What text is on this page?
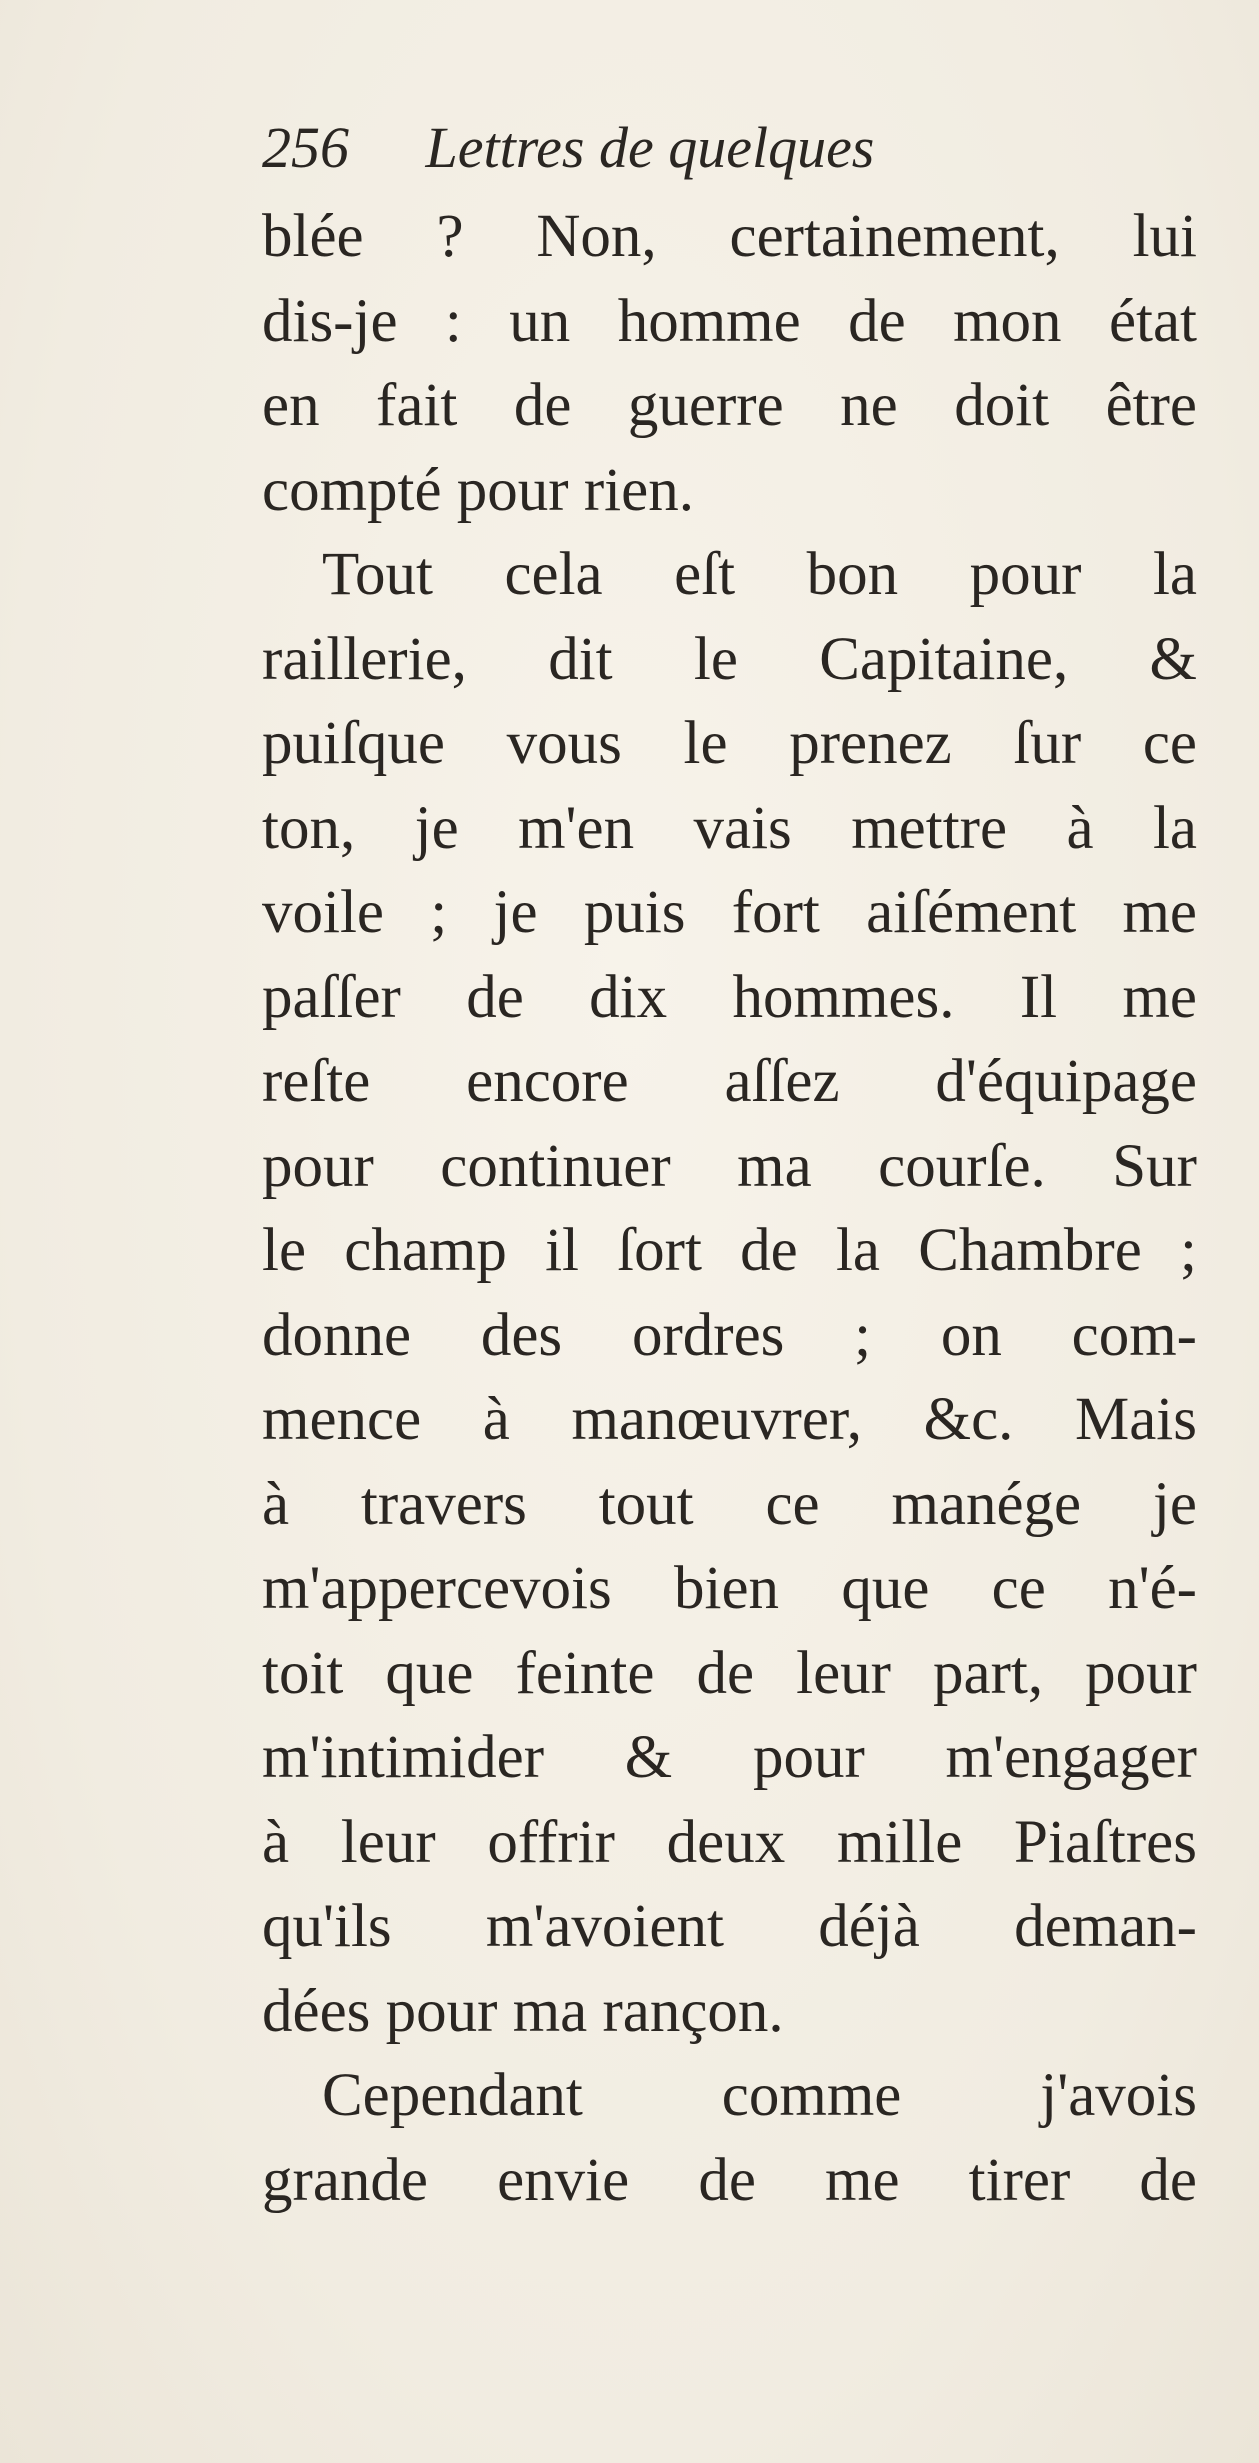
256 Lettres de quelques
blée ? Non, certainement, lui
dis-je : un homme de mon état
en fait de guerre ne doit être
compté pour rien.
Tout cela eſt bon pour la
raillerie, dit le Capitaine, &
puiſque vous le prenez ſur ce
ton, je m'en vais mettre à la
voile ; je puis fort aiſément me
paſſer de dix hommes. Il me
reſte encore aſſez d'équipage
pour continuer ma courſe. Sur
le champ il ſort de la Chambre ;
donne des ordres ; on com-
mence à manœuvrer, &c. Mais
à travers tout ce manége je
m'appercevois bien que ce n'é-
toit que feinte de leur part, pour
m'intimider & pour m'engager
à leur offrir deux mille Piaſtres
qu'ils m'avoient déjà deman-
dées pour ma rançon.
Cependant comme j'avois
grande envie de me tirer de
